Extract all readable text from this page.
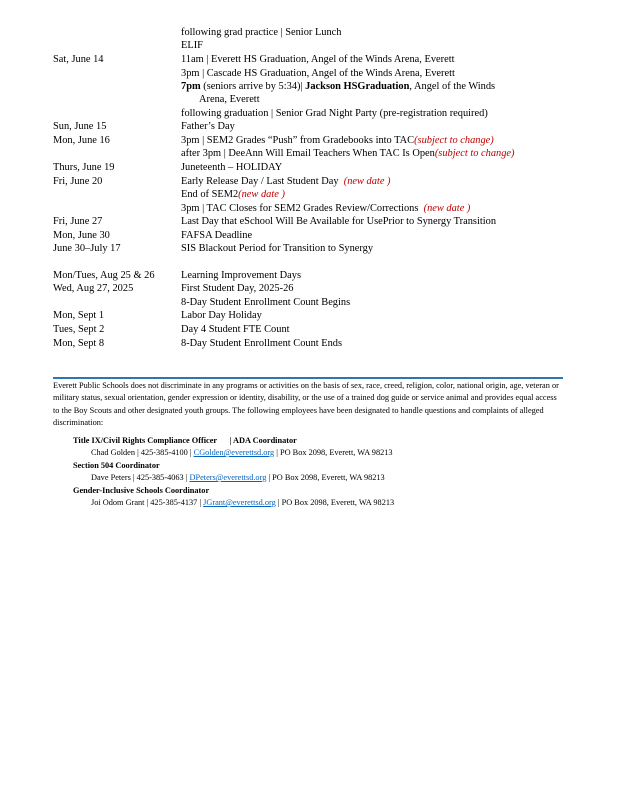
following grad practice | Senior Lunch
ELIF
Sat, June 14	11am | Everett HS Graduation, Angel of the Winds Arena, Everett
3pm | Cascade HS Graduation, Angel of the Winds Arena, Everett
7pm (seniors arrive by 5:34)| Jackson HSGraduation, Angel of the Winds
Arena, Everett
following graduation | Senior Grad Night Party (pre-registration required)
Sun, June 15	Father’s Day
Mon, June 16	3pm | SEM2 Grades “Push” from Gradebooks into TAC(subject to change)
after 3pm | DeeAnn Will Email Teachers When TAC Is Open(subject to change)
Thurs, June 19	Juneteenth – HOLIDAY
Fri, June 20	Early Release Day / Last Student Day (new date )
End of SEM2(new date )
3pm | TAC Closes for SEM2 Grades Review/Corrections (new date )
Fri, June 27	Last Day that eSchool Will Be Available for UsePrior to Synergy Transition
Mon, June 30	FAFSA Deadline
June 30–July 17	SIS Blackout Period for Transition to Synergy
Mon/Tues, Aug 25 & 26	Learning Improvement Days
Wed, Aug 27, 2025	First Student Day, 2025-26
8-Day Student Enrollment Count Begins
Mon, Sept 1	Labor Day Holiday
Tues, Sept 2	Day 4 Student FTE Count
Mon, Sept 8	8-Day Student Enrollment Count Ends
Everett Public Schools does not discriminate in any programs or activities on the basis of sex, race, creed, religion, color, national origin, age, veteran or military status, sexual orientation, gender expression or identity, disability, or the use of a trained dog guide or service animal and provides equal access to the Boy Scouts and other designated youth groups. The following employees have been designated to handle questions and complaints of alleged discrimination:
Title IX/Civil Rights Compliance Officer | ADA Coordinator
Chad Golden | 425-385-4100 | CGolden@everettsd.org | PO Box 2098, Everett, WA 98213
Section 504 Coordinator
Dave Peters | 425-385-4063 | DPeters@everettsd.org | PO Box 2098, Everett, WA 98213
Gender-Inclusive Schools Coordinator
Joi Odom Grant | 425-385-4137 | JGrant@everettsd.org | PO Box 2098, Everett, WA 98213
